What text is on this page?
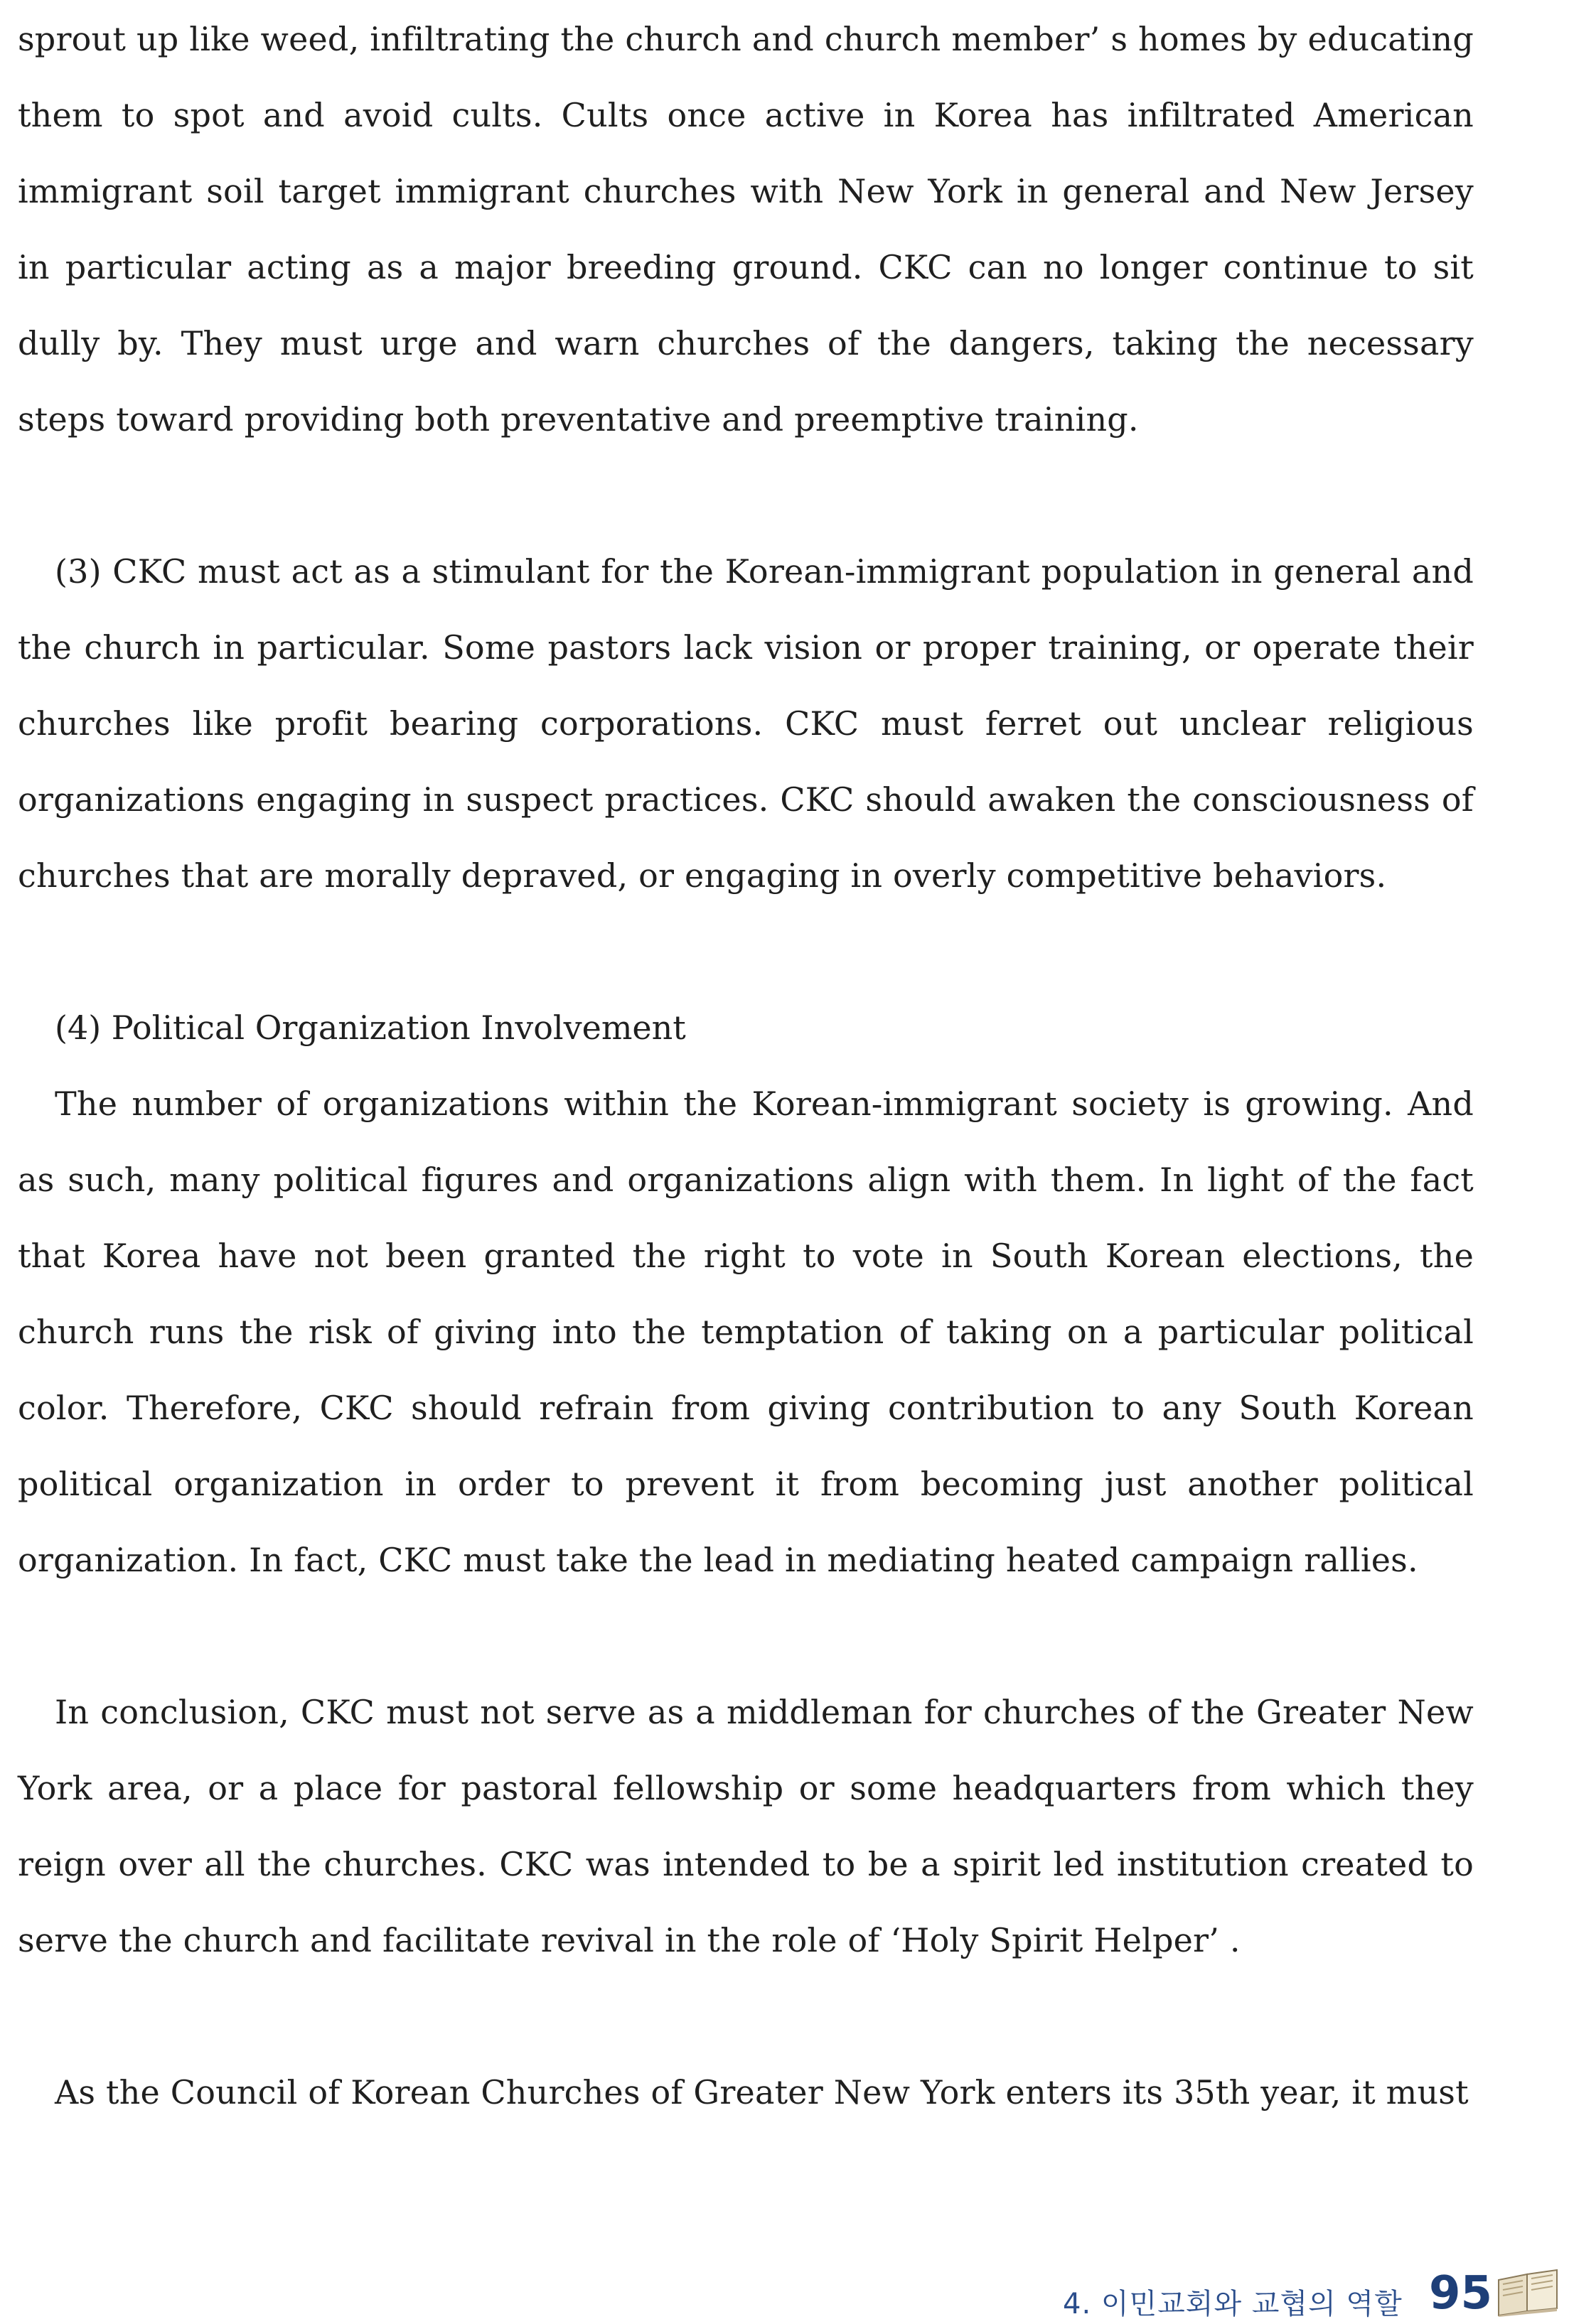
sprout up like weed, infiltrating the church and church member’ s homes by educating them to spot and avoid cults. Cults once active in Korea has infiltrated American immigrant soil target immigrant churches with New York in general and New Jersey in particular acting as a major breeding ground. CKC can no longer continue to sit dully by. They must urge and warn churches of the dangers, taking the necessary steps toward providing both preventative and preemptive training.

(3) CKC must act as a stimulant for the Korean-immigrant population in general and the church in particular. Some pastors lack vision or proper training, or operate their churches like profit bearing corporations. CKC must ferret out unclear religious organizations engaging in suspect practices. CKC should awaken the consciousness of churches that are morally depraved, or engaging in overly competitive behaviors.

(4) Political Organization Involvement

The number of organizations within the Korean-immigrant society is growing. And as such, many political figures and organizations align with them. In light of the fact that Korea have not been granted the right to vote in South Korean elections, the church runs the risk of giving into the temptation of taking on a particular political color. Therefore, CKC should refrain from giving contribution to any South Korean political organization in order to prevent it from becoming just another political organization. In fact, CKC must take the lead in mediating heated campaign rallies.

In conclusion, CKC must not serve as a middleman for churches of the Greater New York area, or a place for pastoral fellowship or some headquarters from which they reign over all the churches. CKC was intended to be a spirit led institution created to serve the church and facilitate revival in the role of ‘Holy Spirit Helper’ .

As the Council of Korean Churches of Greater New York enters its 35th year, it must

4. 이민교회와 교협의 역할 95
